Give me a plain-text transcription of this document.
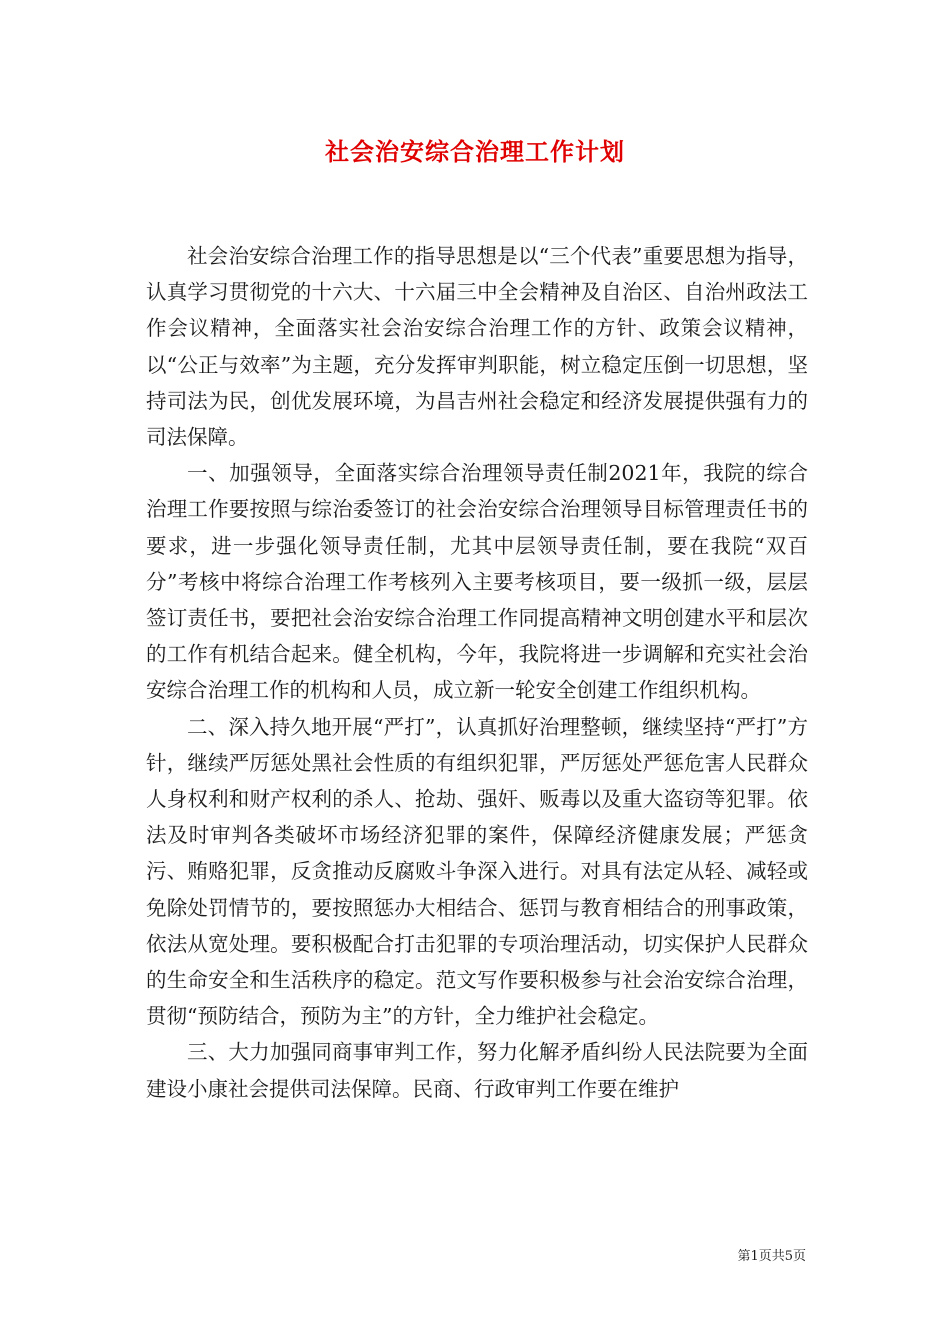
社会治安综合治理工作计划

社会治安综合治理工作的指导思想是以“三个代表”重要思想为指导，认真学习贯彻党的十六大、十六届三中全会精神及自治区、自治州政法工作会议精神，全面落实社会治安综合治理工作的方针、政策会议精神，以“公正与效率”为主题，充分发挥审判职能，树立稳定压倒一切思想，坚持司法为民，创优发展环境，为昌吉州社会稳定和经济发展提供强有力的司法保障。

一、加强领导，全面落实综合治理领导责任制2021年，我院的综合治理工作要按照与综治委签订的社会治安综合治理领导目标管理责任书的要求，进一步强化领导责任制，尤其中层领导责任制，要在我院“双百分”考核中将综合治理工作考核列入主要考核项目，要一级抓一级，层层签订责任书，要把社会治安综合治理工作同提高精神文明创建水平和层次的工作有机结合起来。健全机构，今年，我院将进一步调解和充实社会治安综合治理工作的机构和人员，成立新一轮安全创建工作组织机构。

二、深入持久地开展“严打”，认真抓好治理整顿，继续坚持“严打”方针，继续严厉惩处黑社会性质的有组织犯罪，严厉惩处严惩危害人民群众人身权利和财产权利的杀人、抢劫、强奸、贩毒以及重大盗窃等犯罪。依法及时审判各类破坏市场经济犯罪的案件，保障经济健康发展；严惩贪污、贿赂犯罪，反贪推动反腐败斗争深入进行。对具有法定从轻、减轻或免除处罚情节的，要按照惩办大相结合、惩罚与教育相结合的刑事政策，依法从宽处理。要积极配合打击犯罪的专项治理活动，切实保护人民群众的生命安全和生活秩序的稳定。范文写作要积极参与社会治安综合治理，贯彻“预防结合，预防为主”的方针，全力维护社会稳定。

三、大力加强同商事审判工作，努力化解矛盾纠纷人民法院要为全面建设小康社会提供司法保障。民商、行政审判工作要在维护

第1页共5页
